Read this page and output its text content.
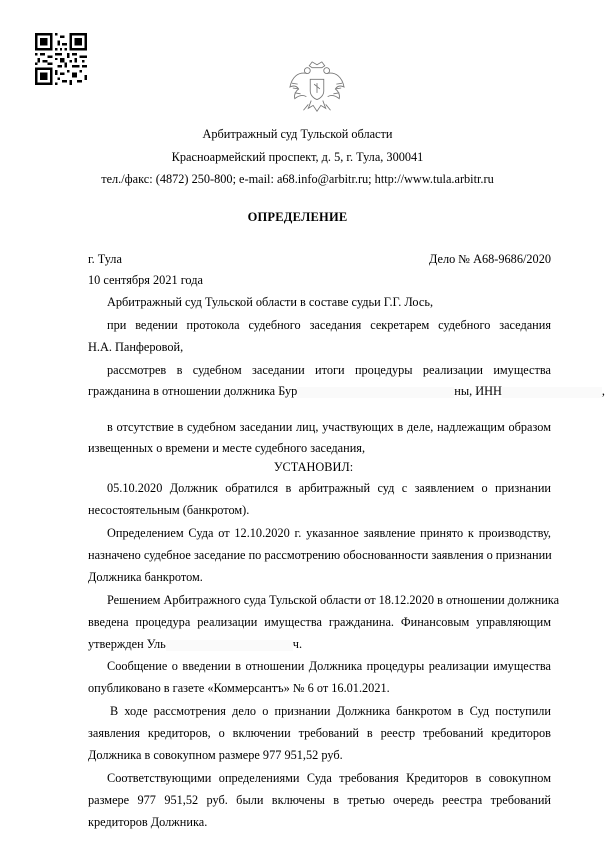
Арбитражный суд Тульской области
Красноармейский проспект, д. 5, г. Тула, 300041
тел./факс: (4872) 250-800; e-mail: a68.info@arbitr.ru; http://www.tula.arbitr.ru
ОПРЕДЕЛЕНИЕ
г. Тула	Дело № А68-9686/2020
10 сентября 2021 года
Арбитражный суд Тульской области в составе судьи Г.Г. Лось,
при ведении протокола судебного заседания секретарем судебного заседания
Н.А. Панферовой,
рассмотрев в судебном заседании итоги процедуры реализации имущества
гражданина в отношении должника Бур	ны, ИНН	,
в отсутствие в судебном заседании лиц, участвующих в деле, надлежащим образом
извещенных о времени и месте судебного заседания,
УСТАНОВИЛ:
05.10.2020 Должник обратился в арбитражный суд с заявлением о признании
несостоятельным (банкротом).
Определением Суда от 12.10.2020 г. указанное заявление принято к производству,
назначено судебное заседание по рассмотрению обоснованности заявления о признании
Должника банкротом.
Решением Арбитражного суда Тульской области от 18.12.2020 в отношении должника
введена процедура реализации имущества гражданина. Финансовым управляющим
утвержден Уль	ч.
Сообщение о введении в отношении Должника процедуры реализации имущества
опубликовано в газете «Коммерсантъ» № 6 от 16.01.2021.
В ходе рассмотрения дело о признании Должника банкротом в Суд поступили
заявления кредиторов, о включении требований в реестр требований кредиторов
Должника в совокупном размере 977 951,52 руб.
Соответствующими определениями Суда требования Кредиторов в совокупном
размере 977 951,52 руб. были включены в третью очередь реестра требований
кредиторов Должника.
